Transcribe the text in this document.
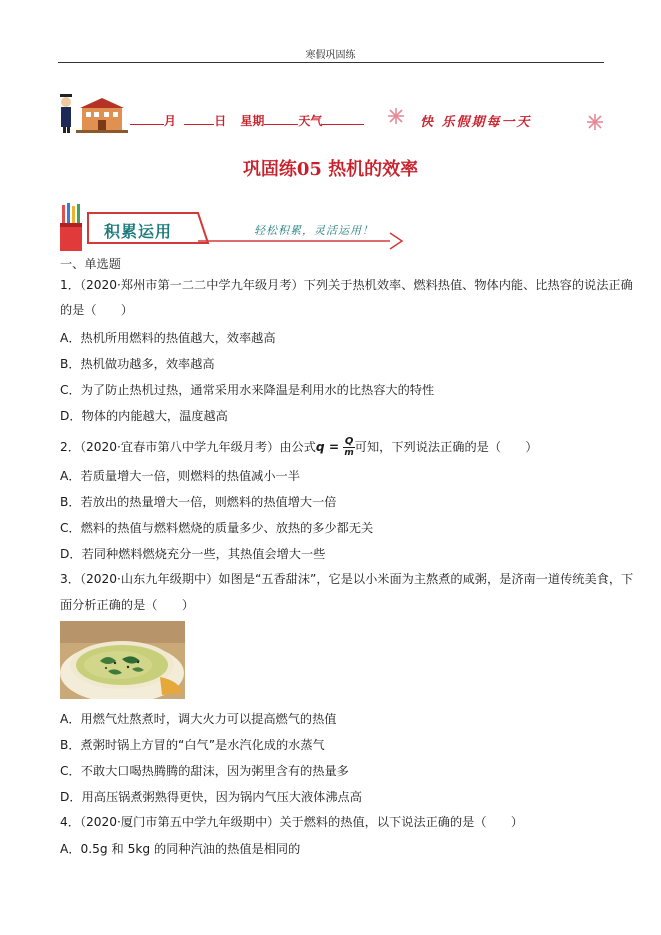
寒假巩固练
月	日 星期	天气	快 乐假期每一天
巩固练05 热机的效率
积累运用	轻松积累，灵活运用！
一、单选题
1．（2020·郑州市第一二二中学九年级月考）下列关于热机效率、燃料热值、物体内能、比热容的说法正确
的是（　　）
A．热机所用燃料的热值越大，效率越高
B．热机做功越多，效率越高
C．为了防止热机过热，通常采用水来降温是利用水的比热容大的特性
D．物体的内能越大，温度越高
2．（2020·宜春市第八中学九年级月考）由公式$q = \frac{Q}{m}$ 可知，下列说法正确的是（　　）
A．若质量增大一倍，则燃料的热值减小一半
B．若放出的热量增大一倍，则燃料的热值增大一倍
C．燃料的热值与燃料燃烧的质量多少、放热的多少都无关
D．若同种燃料燃烧充分一些，其热值会增大一些
3．（2020·山东九年级期中）如图是“五香甜沫”，它是以小米面为主熬煮的咸粥，是济南一道传统美食，下
面分析正确的是（　　）
A．用燃气灶熬煮时，调大火力可以提高燃气的热值
B．煮粥时锅上方冒的“白气”是水汽化成的水蒸气
C．不敢大口喝热腾腾的甜沫，因为粥里含有的热量多
D．用高压锅煮粥熟得更快，因为锅内气压大液体沸点高
4．（2020·厦门市第五中学九年级期中）关于燃料的热值，以下说法正确的是（　　）
A．0.5g 和 5kg 的同种汽油的热值是相同的
